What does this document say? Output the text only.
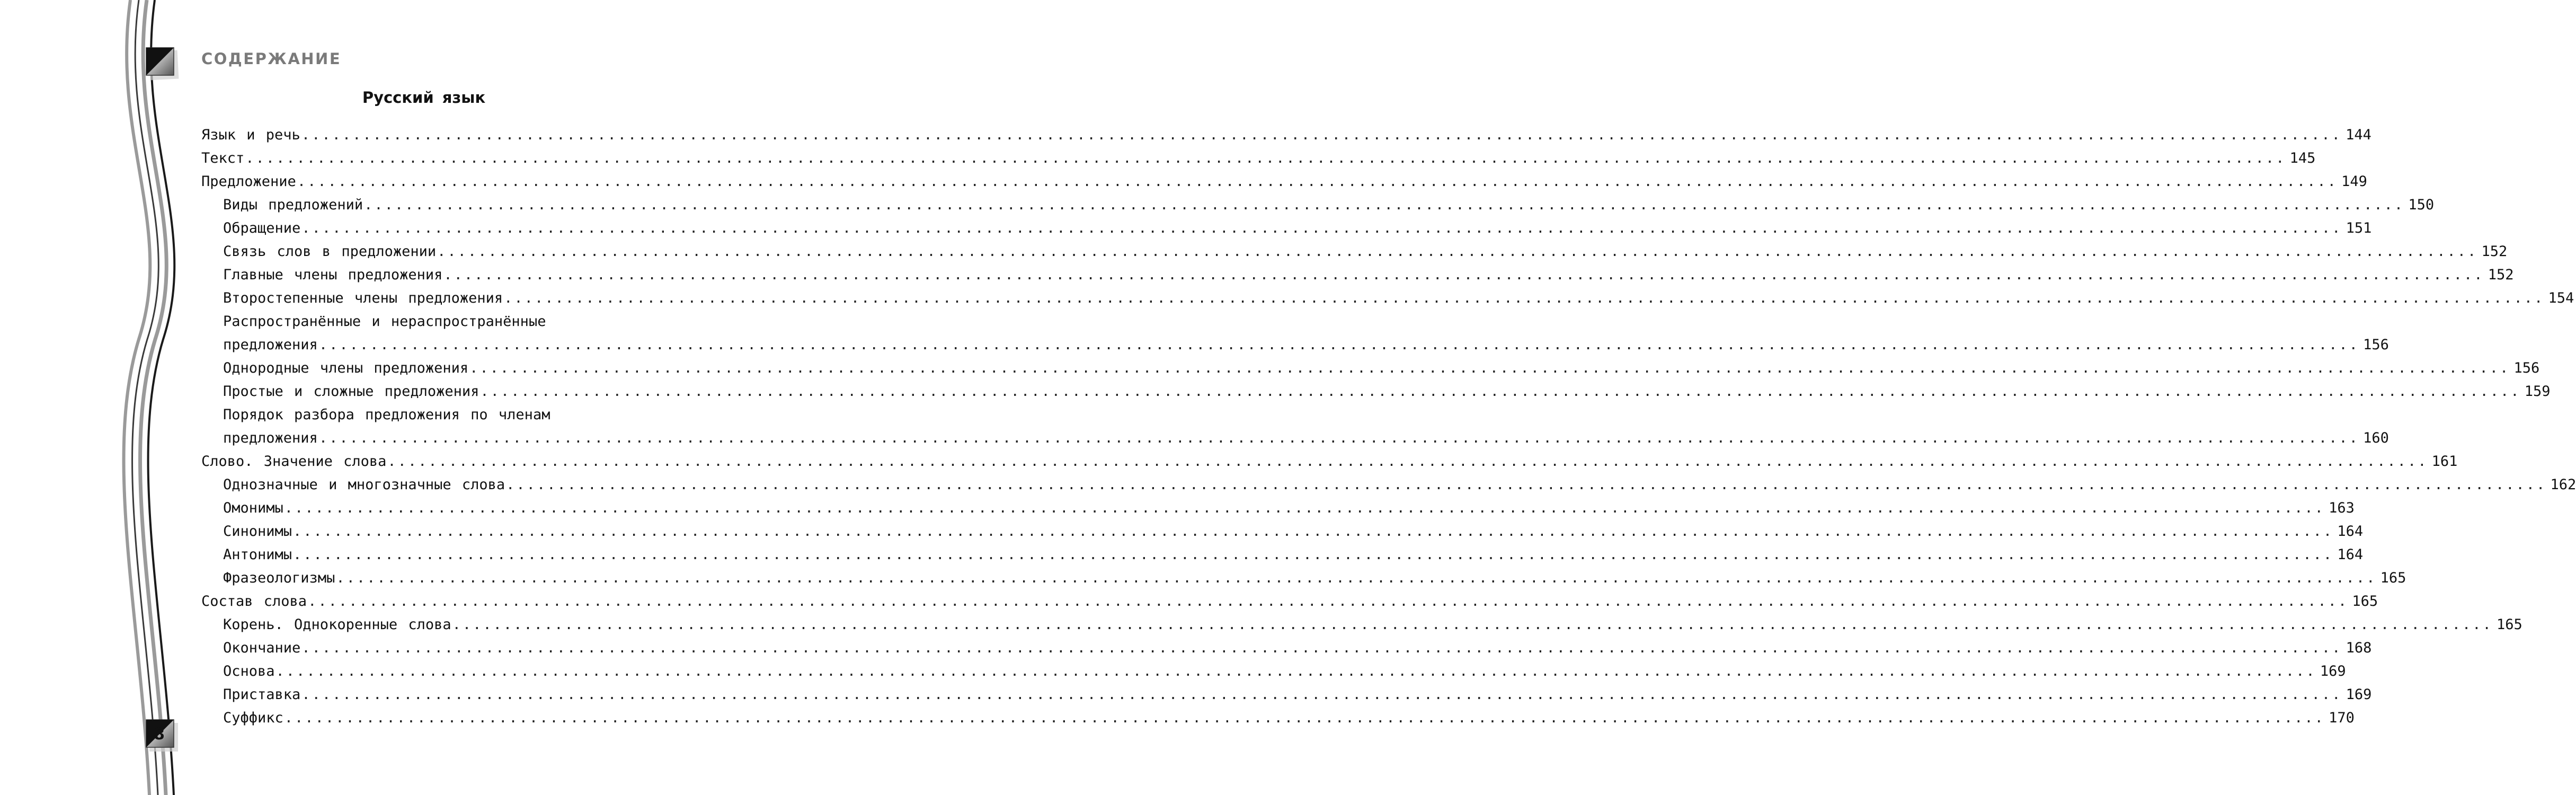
СОДЕРЖАНИЕ
Русский язык
8
Язык и речь ........................................................................................................................................................................................................ 144
Текст ........................................................................................................................................................................................................ 145
Предложение ........................................................................................................................................................................................................ 149
Виды предложений ........................................................................................................................................................................................................ 150
Обращение ........................................................................................................................................................................................................ 151
Связь слов в предложении ........................................................................................................................................................................................................ 152
Главные члены предложения ........................................................................................................................................................................................................ 152
Второстепенные члены предложения ........................................................................................................................................................................................................ 154
Распространённые и нераспространённые
предложения ........................................................................................................................................................................................................ 156
Однородные члены предложения ........................................................................................................................................................................................................ 156
Простые и сложные предложения ........................................................................................................................................................................................................ 159
Порядок разбора предложения по членам
предложения ........................................................................................................................................................................................................ 160
Слово. Значение слова ........................................................................................................................................................................................................ 161
Однозначные и многозначные слова ........................................................................................................................................................................................................ 162
Омонимы ........................................................................................................................................................................................................ 163
Синонимы ........................................................................................................................................................................................................ 164
Антонимы ........................................................................................................................................................................................................ 164
Фразеологизмы ........................................................................................................................................................................................................ 165
Состав слова ........................................................................................................................................................................................................ 165
Корень. Однокоренные слова ........................................................................................................................................................................................................ 165
Окончание ........................................................................................................................................................................................................ 168
Основа ........................................................................................................................................................................................................ 169
Приставка ........................................................................................................................................................................................................ 169
Суффикс ........................................................................................................................................................................................................ 170
